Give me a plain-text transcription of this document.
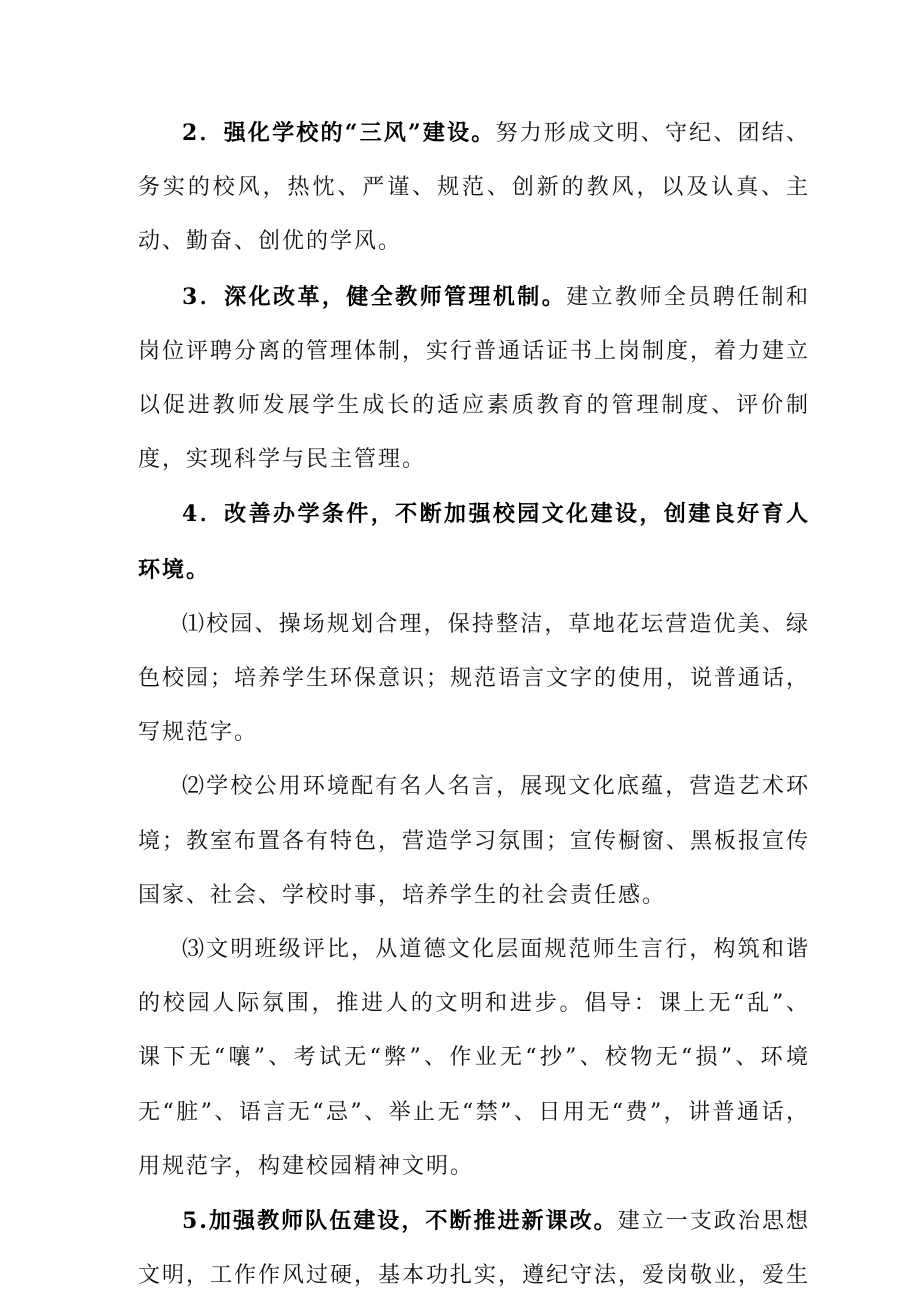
2．强化学校的“三风”建设。努力形成文明、守纪、团结、务实的校风，热忱、严谨、规范、创新的教风，以及认真、主动、勤奋、创优的学风。

3．深化改革，健全教师管理机制。建立教师全员聘任制和岗位评聘分离的管理体制，实行普通话证书上岗制度，着力建立以促进教师发展学生成长的适应素质教育的管理制度、评价制度，实现科学与民主管理。

4．改善办学条件，不断加强校园文化建设，创建良好育人环境。

⑴校园、操场规划合理，保持整洁，草地花坛营造优美、绿色校园；培养学生环保意识；规范语言文字的使用，说普通话，写规范字。

⑵学校公用环境配有名人名言，展现文化底蕴，营造艺术环境；教室布置各有特色，营造学习氛围；宣传橱窗、黑板报宣传国家、社会、学校时事，培养学生的社会责任感。

⑶文明班级评比，从道德文化层面规范师生言行，构筑和谐的校园人际氛围，推进人的文明和进步。倡导：课上无“乱”、课下无“嚷”、考试无“弊”、作业无“抄”、校物无“损”、环境无“脏”、语言无“忌”、举止无“禁”、日用无“费”，讲普通话，用规范字，构建校园精神文明。

5.加强教师队伍建设，不断推进新课改。建立一支政治思想文明，工作作风过硬，基本功扎实，遵纪守法，爱岗敬业，爱生
